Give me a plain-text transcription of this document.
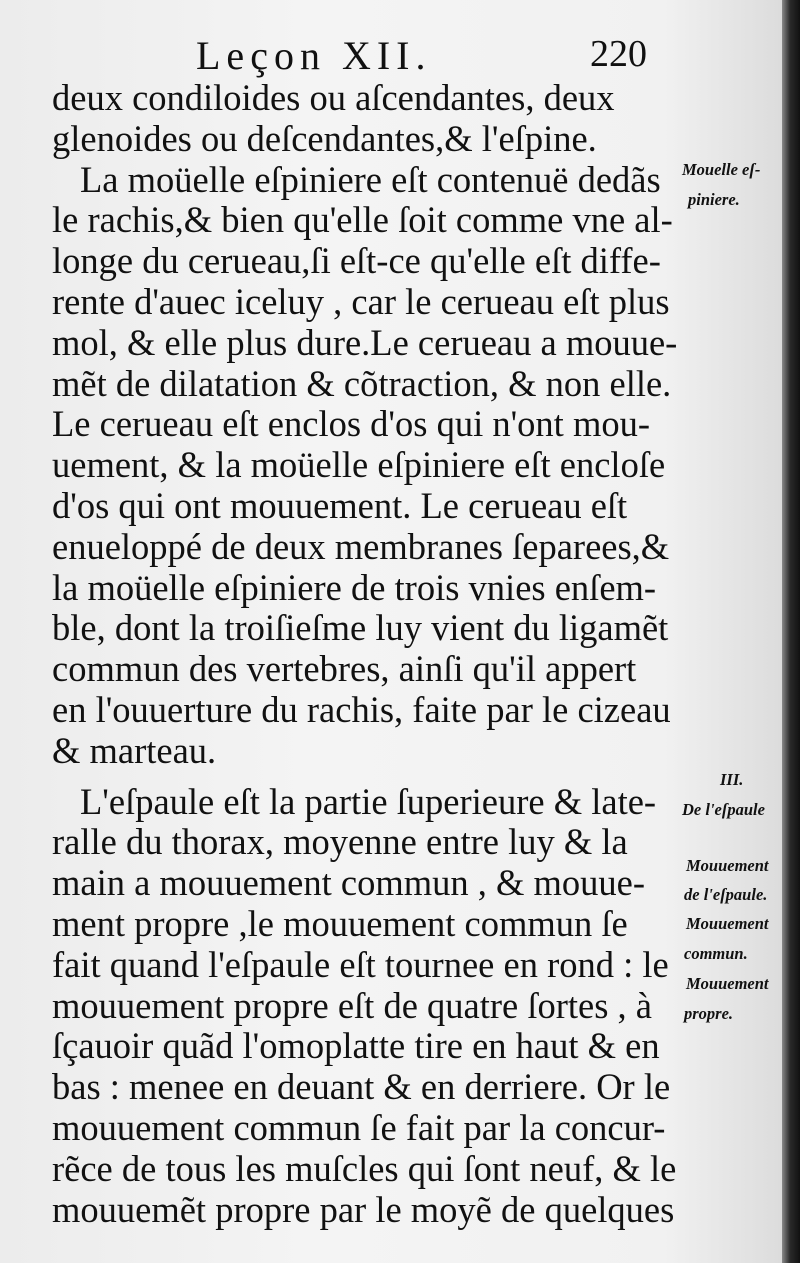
Leçon XII.	220
deux condiloides ou aſcendantes, deux
glenoides ou deſcendantes,& l'eſpine.
La moüelle eſpiniere eſt contenuë dedãs
le rachis,& bien qu'elle ſoit comme vne al-
longe du cerueau,ſi eſt-ce qu'elle eſt diffe-
rente d'auec iceluy , car le cerueau eſt plus
mol, & elle plus dure.Le cerueau a mouue-
mẽt de dilatation & cõtraction, & non elle.
Le cerueau eſt enclos d'os qui n'ont mou-
uement, & la moüelle eſpiniere eſt encloſe
d'os qui ont mouuement. Le cerueau eſt
enueloppé de deux membranes ſeparees,&
la moüelle eſpiniere de trois vnies enſem-
ble, dont la troiſieſme luy vient du ligamẽt
commun des vertebres, ainſi qu'il appert
en l'ouuerture du rachis, faite par le cizeau
& marteau.
L'eſpaule eſt la partie ſuperieure & late-
ralle du thorax, moyenne entre luy & la
main a mouuement commun , & mouue-
ment propre ,le mouuement commun ſe
fait quand l'eſpaule eſt tournee en rond : le
mouuement propre eſt de quatre ſortes , à
ſçauoir quãd l'omoplatte tire en haut & en
bas : menee en deuant & en derriere. Or le
mouuement commun ſe fait par la concur-
rẽce de tous les muſcles qui ſont neuf, & le
mouuemẽt propre par le moyẽ de quelques
Mouelle eſ-
piniere.
III.
De l'eſpaule
Mouuement
de l'eſpaule.
Mouuement
commun.
Mouuement
propre.
